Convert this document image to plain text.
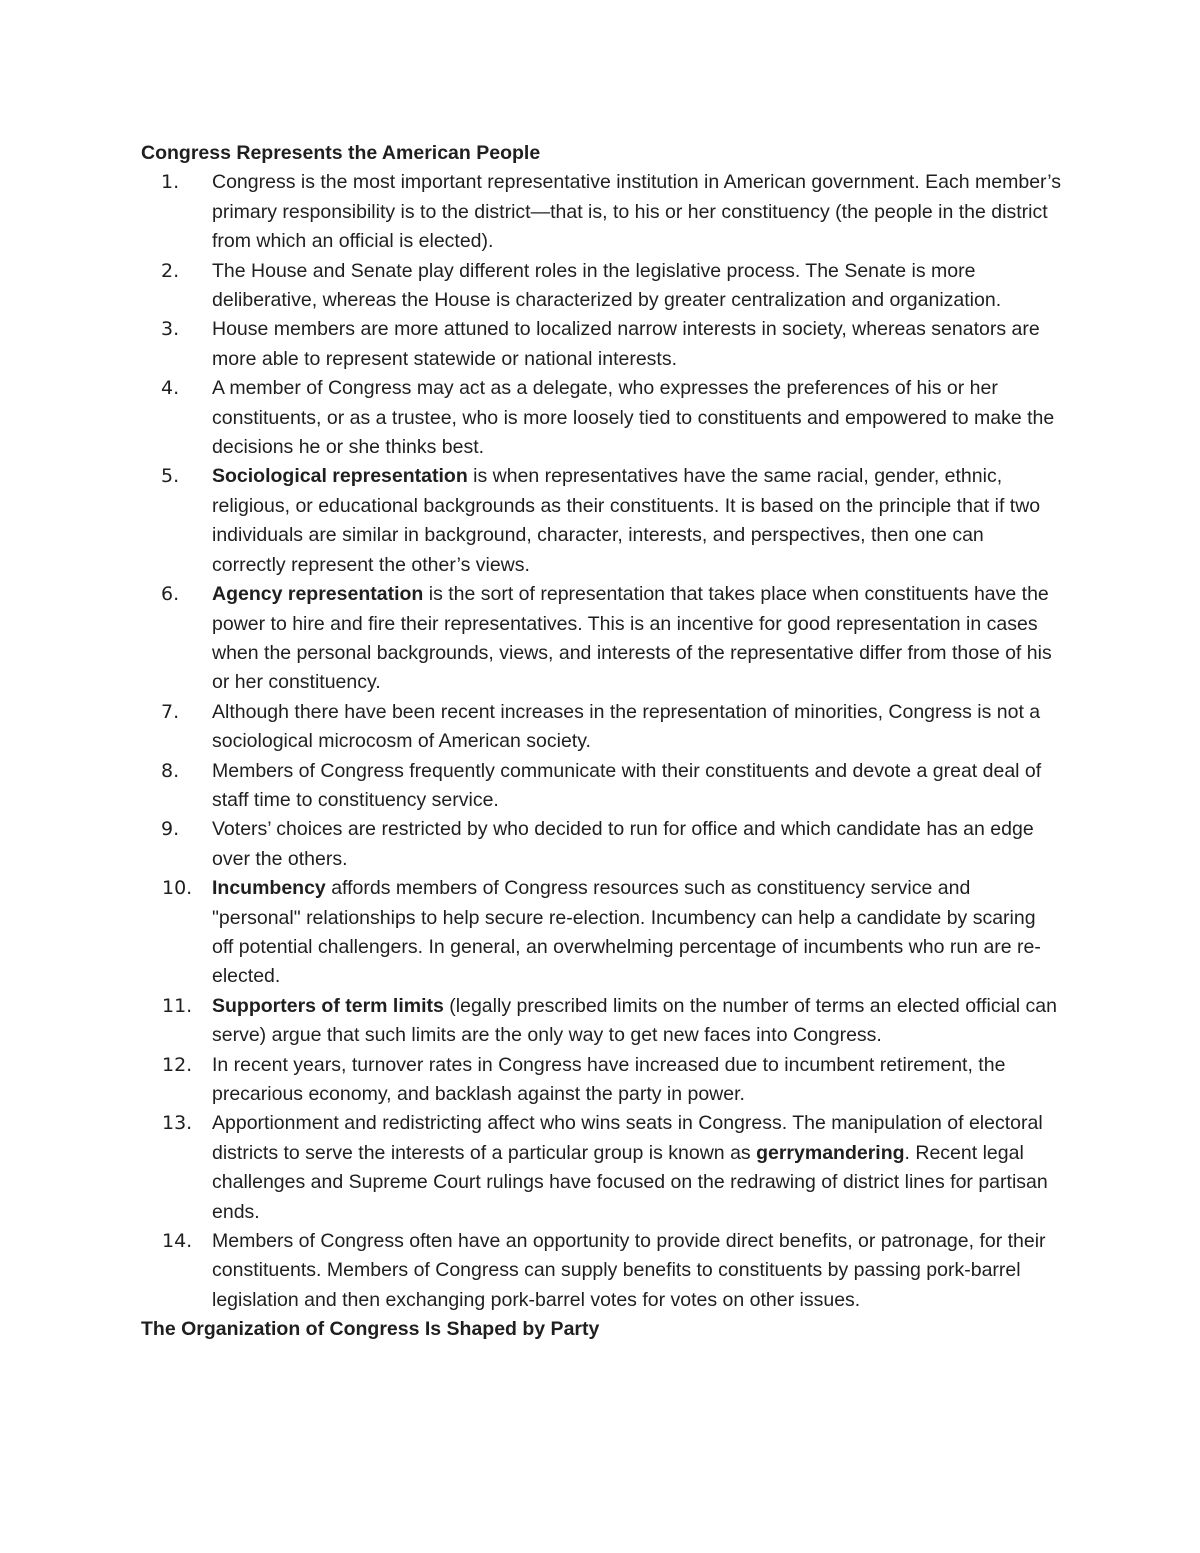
Congress Represents the American People
1.	Congress is the most important representative institution in American government. Each member’s primary responsibility is to the district—that is, to his or her constituency (the people in the district from which an official is elected).
2.	The House and Senate play different roles in the legislative process. The Senate is more deliberative, whereas the House is characterized by greater centralization and organization.
3.	House members are more attuned to localized narrow interests in society, whereas senators are more able to represent statewide or national interests.
4.	A member of Congress may act as a delegate, who expresses the preferences of his or her constituents, or as a trustee, who is more loosely tied to constituents and empowered to make the decisions he or she thinks best.
5.	Sociological representation is when representatives have the same racial, gender, ethnic, religious, or educational backgrounds as their constituents. It is based on the principle that if two individuals are similar in background, character, interests, and perspectives, then one can correctly represent the other’s views.
6.	Agency representation is the sort of representation that takes place when constituents have the power to hire and fire their representatives. This is an incentive for good representation in cases when the personal backgrounds, views, and interests of the representative differ from those of his or her constituency.
7.	Although there have been recent increases in the representation of minorities, Congress is not a sociological microcosm of American society.
8.	Members of Congress frequently communicate with their constituents and devote a great deal of staff time to constituency service.
9.	Voters’ choices are restricted by who decided to run for office and which candidate has an edge over the others.
10.	Incumbency affords members of Congress resources such as constituency service and "personal" relationships to help secure re-election. Incumbency can help a candidate by scaring off potential challengers. In general, an overwhelming percentage of incumbents who run are re-elected.
11.	Supporters of term limits (legally prescribed limits on the number of terms an elected official can serve) argue that such limits are the only way to get new faces into Congress.
12.	In recent years, turnover rates in Congress have increased due to incumbent retirement, the precarious economy, and backlash against the party in power.
13.	Apportionment and redistricting affect who wins seats in Congress. The manipulation of electoral districts to serve the interests of a particular group is known as gerrymandering. Recent legal challenges and Supreme Court rulings have focused on the redrawing of district lines for partisan ends.
14.	Members of Congress often have an opportunity to provide direct benefits, or patronage, for their constituents. Members of Congress can supply benefits to constituents by passing pork-barrel legislation and then exchanging pork-barrel votes for votes on other issues.
The Organization of Congress Is Shaped by Party
